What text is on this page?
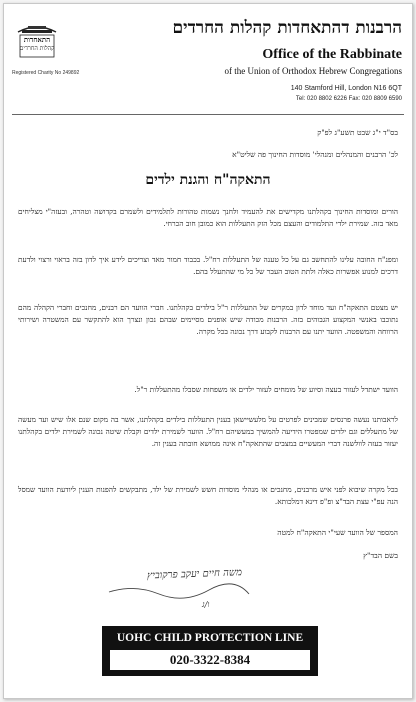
התאחדות
קהלות החרדים
Registered Charity No 249892
הרבנות דהתאחדות קהלות החרדים
Office of the Rabbinate
of the Union of Orthodox Hebrew Congregations
140 Stamford Hill, London N16 6QT
Tel: 020 8802 6226 Fax: 020 8809 6590
בס"ד י"ג שבט תשע"ג לפ"ק
לכ' הרבנים והמנהלים ומנהלי' מוסדות החינוך פה שליט"א
התאקה"ח והגנת ילדים
הורים ומוסדות החינוך בקהלתנו מקדישים את להעמיד ולחנך נשמות טהורות לתלמידים ולשמרם בקדושה וטהרה, ובעזה"י מצליחים מאד בזה. שמירת ילדי התלמודים והעצם מכל הזק התעללות הוא כמובן חוב הכרחי.
ומפנ"ח החובה עלינו להתחשב גם על כל טענה של התעללות רח"ל. בכבוד חמור מאד וצריכים לידע איך לדון בזה בראוי ורצוי ולדעת דרכים למנוע אפשרות כאלה ולתת הטוב העבר של כל מי שהתעלל בהם.
יש מצטם התאקה"ח ועד מוחד לדון במקרים של התעללות ר"ל בילדים בקהלתנו. חברי הוועד הם רבנים, מחנכים וחברי הקהלה מהם נתוכבו באנשי המקצוע הגבוהים בזה. הרבנות מכודה שיש אופנים מסיימים שבהם נכון ונצרך הוא להתקשר עם המשטרה ושירותי הרווחה והמשפטה. הוועד יתנו עם הרבנות לקבוע דרך נכונה בכל מקרה.
הוועד ישתדל לעזור בעצה וסיוע של מומחים לעזור ילדים או משפחות שסבלו מהתעללות ר"ל.
לראבותנו נעשה פרנסים שמבינים לפרטים על מלעשיישאן בענין התעללות בילדים בקהלתנו, אשר בה מקום שנם אלו שיש ועד מעשה של מתעללים וגם ילדים שמפטרו הידיעה להמשיך במעשיהם רח"ל. הוועד לשמירת ילדים וקבלת שיטה נכונה לשמירת ילדים בקהלתנו יעזור בעזה לוולשנה דברי המעשיים במצבים שהתאקה"ח אינה ממושא חובתה בענין זה.
בכל מקרה שיבוא לפני איש מרבנים, מחנכים או מנהלי מוסדות חשש לשמירת של ילד, מתבקשים להפנות הענין ליודעת הוועד שמסל הנה עפ"י עצת הבד"צ ופ"פ דינא דמלכותא.
המספר של הוועד שעי"י התאקה"ח למטה
בשם הבד"ץ
משה חיים יעקב פרקוביץ
ו/ג
UOHC CHILD PROTECTION LINE
020-3322-8384
